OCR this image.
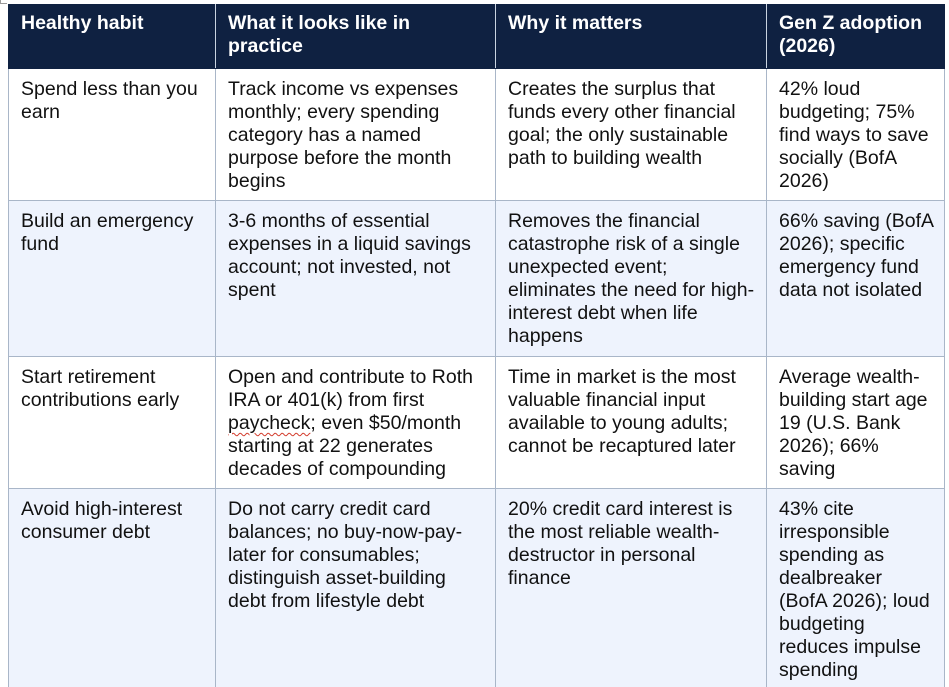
Healthy habit	What it looks like in practice	Why it matters	Gen Z adoption (2026)
Spend less than you earn	Track income vs expenses monthly; every spending category has a named purpose before the month begins	Creates the surplus that funds every other financial goal; the only sustainable path to building wealth	42% loud budgeting; 75% find ways to save socially (BofA 2026)
Build an emergency fund	3-6 months of essential expenses in a liquid savings account; not invested, not spent	Removes the financial catastrophe risk of a single unexpected event; eliminates the need for high-interest debt when life happens	66% saving (BofA 2026); specific emergency fund data not isolated
Start retirement contributions early	Open and contribute to Roth IRA or 401(k) from first paycheck; even $50/month starting at 22 generates decades of compounding	Time in market is the most valuable financial input available to young adults; cannot be recaptured later	Average wealth-building start age 19 (U.S. Bank 2026); 66% saving
Avoid high-interest consumer debt	Do not carry credit card balances; no buy-now-pay-later for consumables; distinguish asset-building debt from lifestyle debt	20% credit card interest is the most reliable wealth-destructor in personal finance	43% cite irresponsible spending as dealbreaker (BofA 2026); loud budgeting reduces impulse spending
